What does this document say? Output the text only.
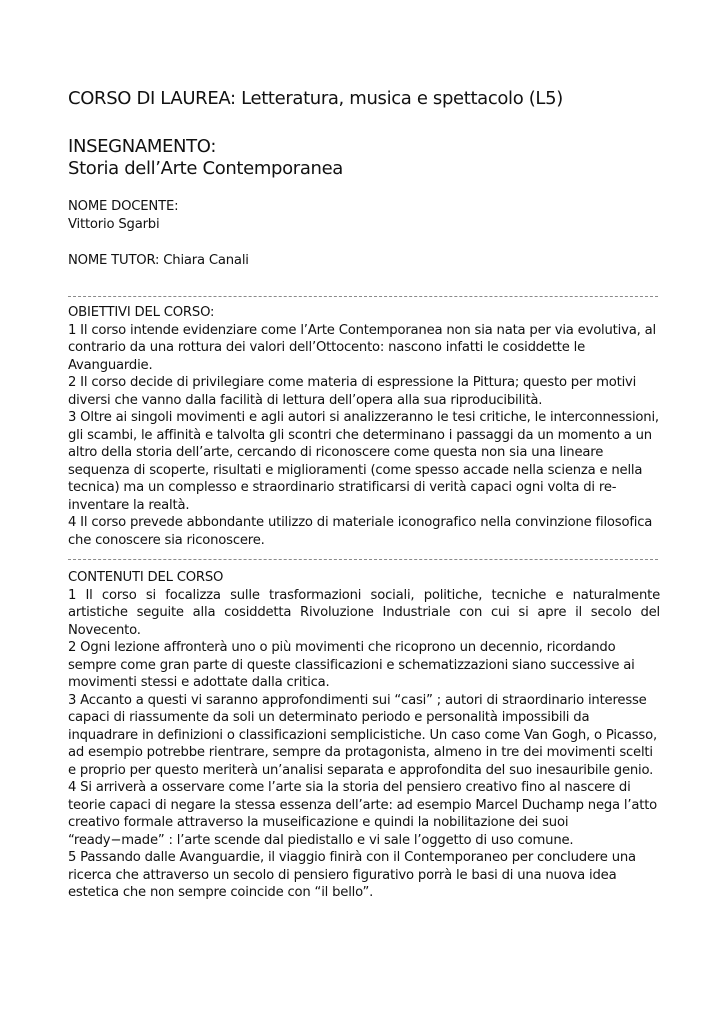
CORSO DI LAUREA: Letteratura, musica e spettacolo (L5)
INSEGNAMENTO:
Storia dell’Arte Contemporanea
NOME DOCENTE:
Vittorio Sgarbi
NOME TUTOR: Chiara Canali

OBIETTIVI DEL CORSO:

1 Il corso intende evidenziare come l’Arte Contemporanea non sia nata per via evolutiva, al contrario da una rottura dei valori dell’Ottocento: nascono infatti le cosiddette le Avanguardie.

2 Il corso decide di privilegiare come materia di espressione la Pittura; questo per motivi diversi che vanno dalla facilità di lettura dell’opera alla sua riproducibilità.

3 Oltre ai singoli movimenti e agli autori si analizzeranno le tesi critiche, le interconnessioni, gli scambi, le affinità e talvolta gli scontri che determinano i passaggi da un momento a un altro della storia dell’arte, cercando di riconoscere come questa non sia una lineare sequenza di scoperte, risultati e miglioramenti (come spesso accade nella scienza e nella tecnica) ma un complesso e straordinario stratificarsi di verità capaci ogni volta di re-inventare la realtà.

4 Il corso prevede abbondante utilizzo di materiale iconografico nella convinzione filosofica che conoscere sia riconoscere.

CONTENUTI DEL CORSO

1 Il corso si focalizza sulle trasformazioni sociali, politiche, tecniche e naturalmente artistiche seguite alla cosiddetta Rivoluzione Industriale con cui si apre il secolo del Novecento.

2 Ogni lezione affronterà uno o più movimenti che ricoprono un decennio, ricordando sempre come gran parte di queste classificazioni e schematizzazioni siano successive ai movimenti stessi e adottate dalla critica.

3 Accanto a questi vi saranno approfondimenti sui “casi” ; autori di straordinario interesse capaci di riassumente da soli un determinato periodo e personalità impossibili da inquadrare in definizioni o classificazioni semplicistiche. Un caso come Van Gogh, o Picasso, ad esempio potrebbe rientrare, sempre da protagonista, almeno in tre dei movimenti scelti e proprio per questo meriterà un’analisi separata e approfondita del suo inesauribile genio.

4 Si arriverà a osservare come l’arte sia la storia del pensiero creativo fino al nascere di teorie capaci di negare la stessa essenza dell’arte: ad esempio Marcel Duchamp nega l’atto creativo formale attraverso la museificazione e quindi la nobilitazione dei suoi “ready−made” : l’arte scende dal piedistallo e vi sale l’oggetto di uso comune.

5 Passando dalle Avanguardie, il viaggio finirà con il Contemporaneo per concludere una ricerca che attraverso un secolo di pensiero figurativo porrà le basi di una nuova idea estetica che non sempre coincide con “il bello”.
